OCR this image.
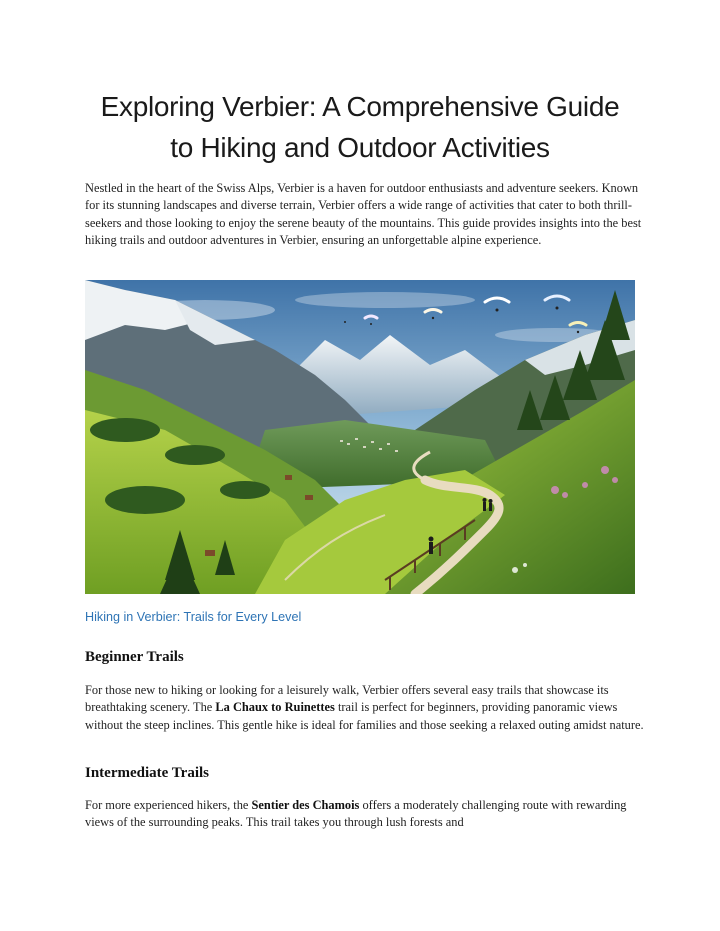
Exploring Verbier: A Comprehensive Guide
to Hiking and Outdoor Activities

Nestled in the heart of the Swiss Alps, Verbier is a haven for outdoor enthusiasts and adventure seekers. Known for its stunning landscapes and diverse terrain, Verbier offers a wide range of activities that cater to both thrill-seekers and those looking to enjoy the serene beauty of the mountains. This guide provides insights into the best hiking trails and outdoor adventures in Verbier, ensuring an unforgettable alpine experience.

Hiking in Verbier: Trails for Every Level
Beginner Trails

For those new to hiking or looking for a leisurely walk, Verbier offers several easy trails that showcase its breathtaking scenery. The La Chaux to Ruinettes trail is perfect for beginners, providing panoramic views without the steep inclines. This gentle hike is ideal for families and those seeking a relaxed outing amidst nature.

Intermediate Trails

For more experienced hikers, the Sentier des Chamois offers a moderately challenging route with rewarding views of the surrounding peaks. This trail takes you through lush forests and
